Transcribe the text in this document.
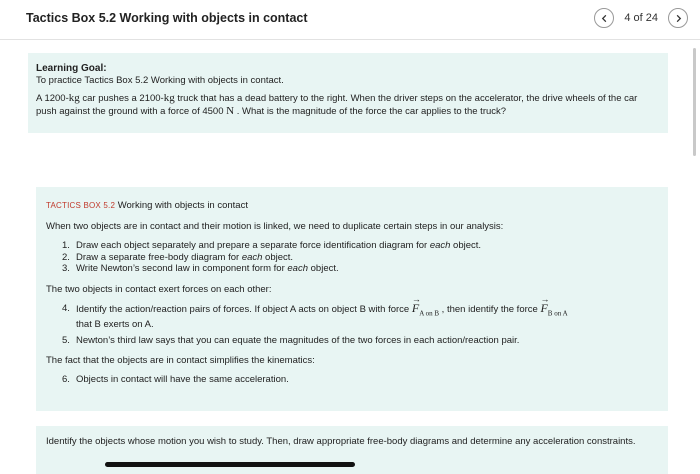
Tactics Box 5.2 Working with objects in contact	4 of 24
Learning Goal:
To practice Tactics Box 5.2 Working with objects in contact.
A 1200-kg car pushes a 2100-kg truck that has a dead battery to the right. When the driver steps on the accelerator, the drive wheels of the car push against the ground with a force of 4500 N . What is the magnitude of the force the car applies to the truck?
TACTICS BOX 5.2 Working with objects in contact
When two objects are in contact and their motion is linked, we need to duplicate certain steps in our analysis:
1. Draw each object separately and prepare a separate force identification diagram for each object.
2. Draw a separate free-body diagram for each object.
3. Write Newton’s second law in component form for each object.
The two objects in contact exert forces on each other:
4. Identify the action/reaction pairs of forces. If object A acts on object B with force
→
$F_{A on B}$ , then identify the force
→
$F_{B on A}$
that B exerts on A.
5. Newton’s third law says that you can equate the magnitudes of the two forces in each action/reaction pair.
The fact that the objects are in contact simplifies the kinematics:
6. Objects in contact will have the same acceleration.
Identify the objects whose motion you wish to study. Then, draw appropriate free-body diagrams and determine any acceleration constraints.
